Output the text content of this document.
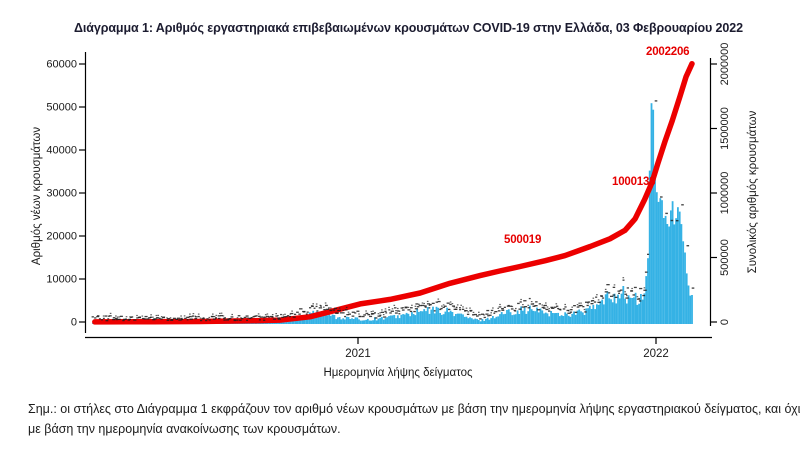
Διάγραμμα 1: Αριθμός εργαστηριακά επιβεβαιωμένων κρουσμάτων COVID-19 στην Ελλάδα, 03 Φεβρουαρίου 2022
0
10000
20000
30000
40000
50000
60000
0
500000
1000000
1500000
2000000
2021	2022
Αριθμός νέων κρουσμάτων	Συνολικός αριθμός κρουσμάτων
Ημερομηνία λήψης δείγματος
500019
1000138
2002206
Σημ.: οι στήλες στο Διάγραμμα 1 εκφράζουν τον αριθμό νέων κρουσμάτων με βάση την ημερομηνία λήψης εργαστηριακού δείγματος, και όχι
με βάση την ημερομηνία ανακοίνωσης των κρουσμάτων.
